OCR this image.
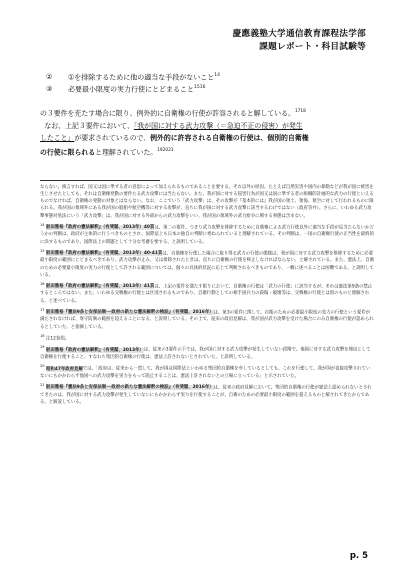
慶應義塾大学通信教育課程法学部
課題レポート・科目試験等
② ①を排除するために他の適当な手段がないこと$^{14}$
③ 必要最小限度の実力行使にとどまること$^{1516}$

の３要件を充たす場合に限り、例外的に自衛権の行使が許容されると解している。$^{1718}$

なお、上記３要件において、「我が国に対する武力攻撃（＝急迫不正の侵害）が発生

したこと」が要求されているので、例外的に許容される自衛権の行使は、個別的自衛権

の行使に限られると理解されていた。$^{192021}$

ならない。換言すれば、国又は国に準ずる者の意思によって加えられるものであることを要する。それ以外の原因、たとえば自然災害や国内の暴動などが我が国に被害を生じさせたとしても、それは自衛権発動の要件たる武力攻撃には当たらない。また、我が国に対する侵害行為が国又は国に準ずる者の組織的計画的な武力の行使といえるものでなければ、自衛権の発動の対象とはならない。なお、ここでいう「武力攻撃」は、その攻撃が『基本的には』我が国の領土、領海、領空に対して行われるものに限られる。我が国の領域外にある我が国の船舶や航空機等に対する攻撃が、直ちに我が国に対する武力攻撃に該当するわけではない（政府答弁）。さらに、いわゆる武力攻撃事態対処法にいう「武力攻撃」は、我が国に対する外部からの武力攻撃をいい、我が国の領域外の武力紛争に関する事態は含まない。

$^{14}$ 阪田雅裕『政府の憲法解釈』（有斐閣、2013年）40頁は、第二の要件、つまり武力攻撃を排除するために自衛権による武力行使以外に適当な手段が見当たらないかどうかの判断は、政府が主体的に行うべきものとされ、国際法上も日本の独自の判断に委ねられていると理解されている。その判断は、一国の自衛権行使の正当性を最終的に決するものであり、国際法上の問題として十分な考慮を要する、と説明している。

$^{15}$ 阪田雅裕『政府の憲法解釈』（有斐閣、2013年）40-41頁は、自衛権を行使した場合に取り得る武力の行使の態様は、我が国に対する武力攻撃を排除するために必要最小限度の範囲にとどまるべきであり、武力攻撃が止み、又は排除されたときは、直ちに自衛権の行使を終止しなければならない、と解されている。また、憲法上、自衛のための必要最小限度の実力の行使として許される範囲については、個々の具体的状況に応じて判断されるべきものであり、一概に述べることは困難である、と説明している。

$^{16}$ 阪田雅裕『政府の憲法解釈』（有斐閣、2013年）41頁は、上記の要件を満たす限りにおいて、自衛権の行使は「武力の行使」に該当するが、それは憲法第9条の禁止するところではない。また、いわゆる交戦権の行使とは区別されるものであり、自衛行動としての相手国兵力の殺傷・破壊等は、交戦権の行使とは別のものと理解される、と述べている。

$^{17}$ 阪田雅裕『憲法9条と安保法制──政府の新たな憲法解釈の検証』（有斐閣、2016年）は、第3の要件に関して、自衛のための必要最小限度の実力の行使という要件が満たされなければ、専守防衛の範囲を超えることになる、と説明している。その上で、従来の政府見解は、我が国が武力攻撃を受けた場合にのみ自衛権の行使が認められるとしていた、と指摘している。

$^{18}$ 注12参照。

$^{19}$ 阪田雅裕『政府の憲法解釈』（有斐閣、2013年）は、従来の3要件の下では、我が国に対する武力攻撃が発生していない段階で、他国に対する武力攻撃を理由として自衛権を行使すること、すなわち集団的自衛権の行使は、憲法上許されないとされていた、と説明している。

$^{20}$ 昭和47年政府見解では、「政府は、従来から一貫して、我が国は国際法上いわゆる集団的自衛権を有しているとしても、これを行使して、我が国が直接攻撃されていないにもかかわらず他国への武力攻撃を実力をもって阻止することは、憲法上許されないとの立場に立っている」と示されていた。

$^{21}$ 阪田雅裕『憲法9条と安保法制──政府の新たな憲法解釈の検証』（有斐閣、2016年）は、従来の政府見解において、集団的自衛権の行使が憲法上認められないとされてきたのは、我が国に対する武力攻撃が発生していないにもかかわらず実力を行使することが、自衛のための必要最小限度の範囲を超えるものと解されてきたからである、と解説している。

p. 5
